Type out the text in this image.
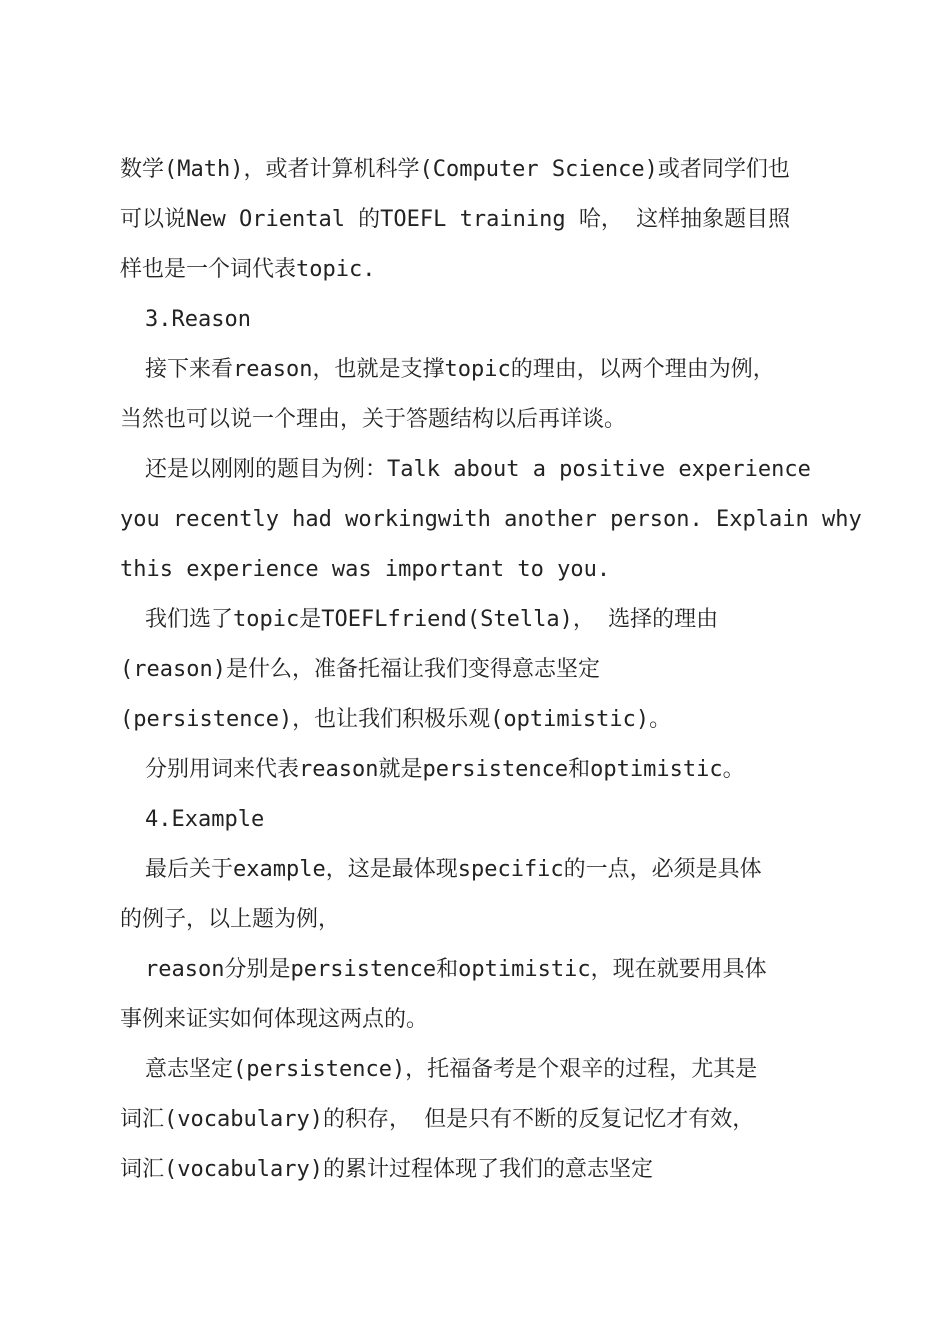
数学(Math)，或者计算机科学(Computer Science)或者同学们也
可以说New Oriental 的TOEFL training 哈， 这样抽象题目照
样也是一个词代表topic.
3.Reason
接下来看reason，也就是支撑topic的理由，以两个理由为例，
当然也可以说一个理由，关于答题结构以后再详谈。
还是以刚刚的题目为例：Talk about a positive experience
you recently had workingwith another person. Explain why
this experience was important to you.
我们选了topic是TOEFLfriend(Stella)， 选择的理由
(reason)是什么，准备托福让我们变得意志坚定
(persistence)，也让我们积极乐观(optimistic)。
分别用词来代表reason就是persistence和optimistic。
4.Example
最后关于example，这是最体现specific的一点，必须是具体
的例子，以上题为例，
reason分别是persistence和optimistic，现在就要用具体
事例来证实如何体现这两点的。
意志坚定(persistence)，托福备考是个艰辛的过程，尤其是
词汇(vocabulary)的积存， 但是只有不断的反复记忆才有效，
词汇(vocabulary)的累计过程体现了我们的意志坚定
